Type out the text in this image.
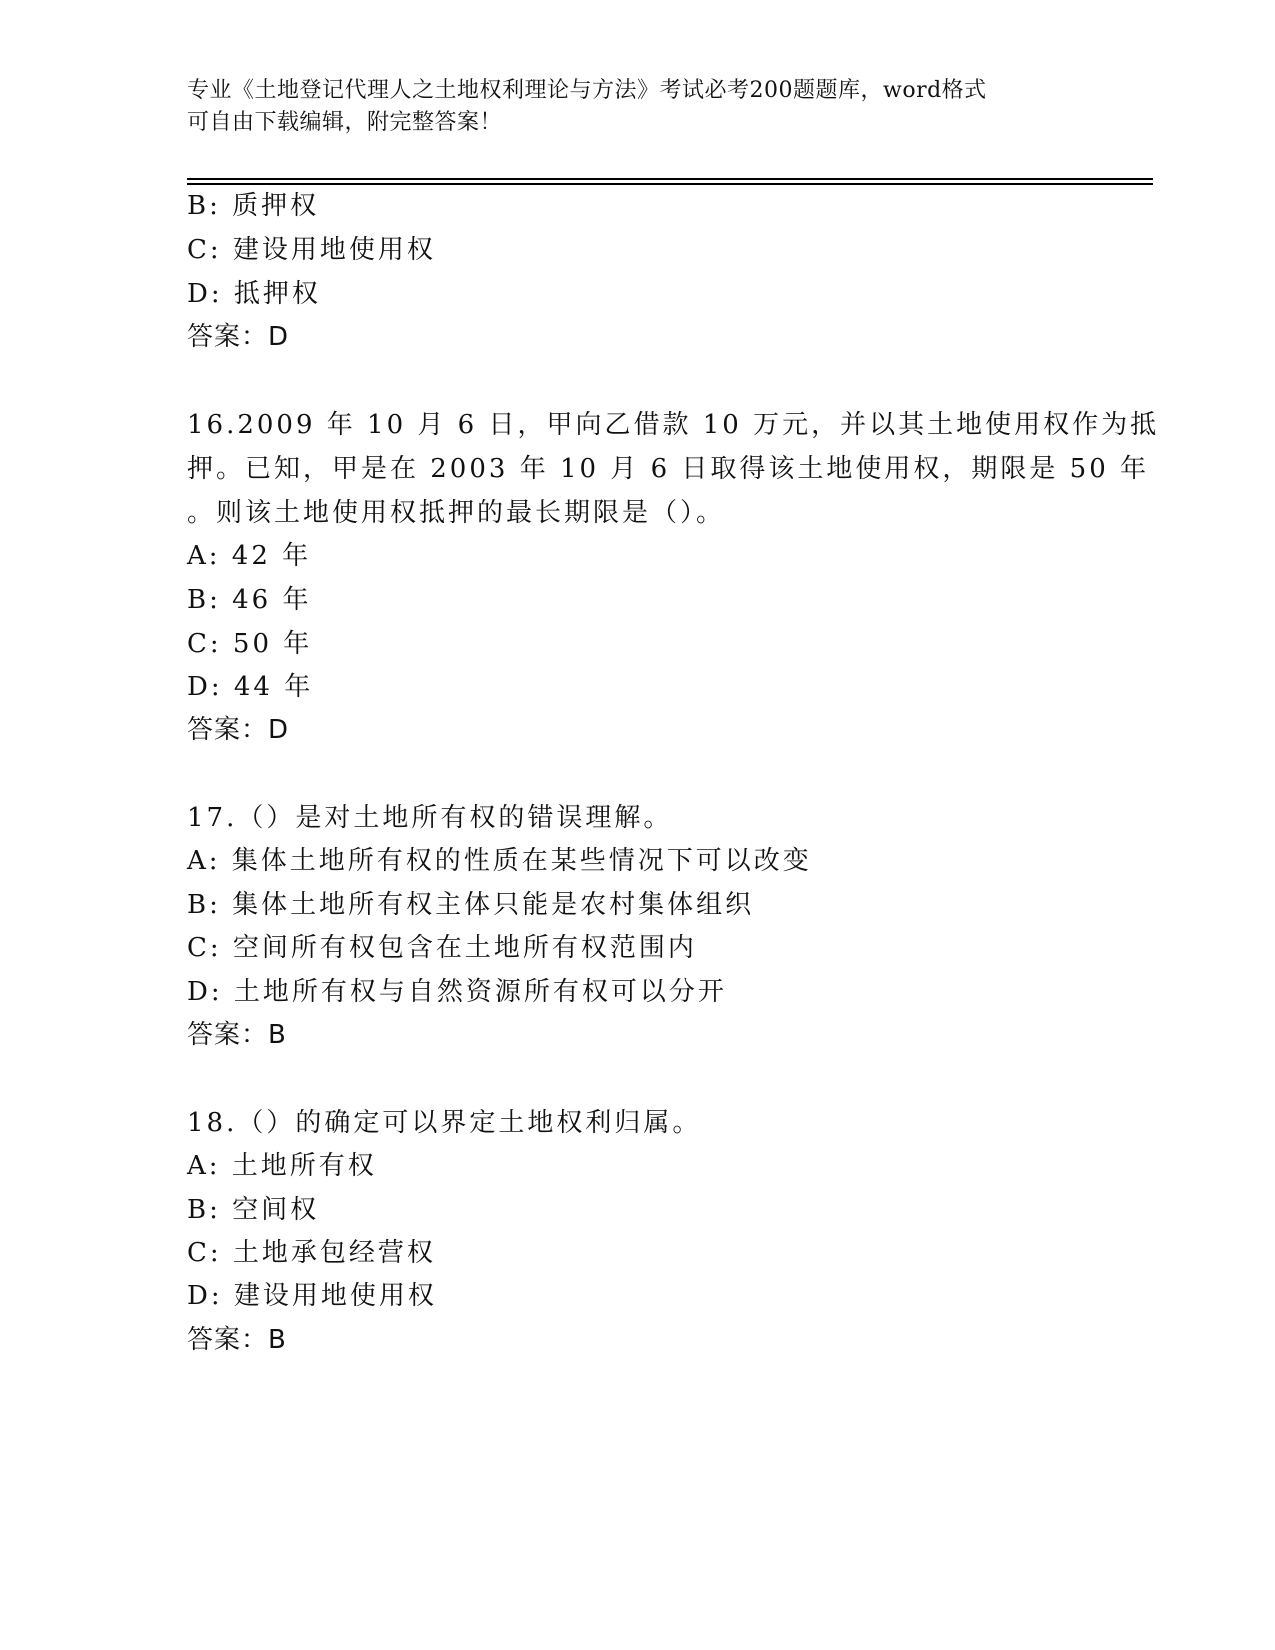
专业《土地登记代理人之土地权利理论与方法》考试必考200题题库，word格式
可自由下载编辑，附完整答案！
B: 质押权
C: 建设用地使用权
D: 抵押权
答案：D
16.2009 年 10 月 6 日，甲向乙借款 10 万元，并以其土地使用权作为抵
押。已知，甲是在 2003 年 10 月 6 日取得该土地使用权，期限是 50 年
。则该土地使用权抵押的最长期限是（）。
A: 42 年
B: 46 年
C: 50 年
D: 44 年
答案：D
17.（）是对土地所有权的错误理解。
A: 集体土地所有权的性质在某些情况下可以改变
B: 集体土地所有权主体只能是农村集体组织
C: 空间所有权包含在土地所有权范围内
D: 土地所有权与自然资源所有权可以分开
答案：B
18.（）的确定可以界定土地权利归属。
A: 土地所有权
B: 空间权
C: 土地承包经营权
D: 建设用地使用权
答案：B
